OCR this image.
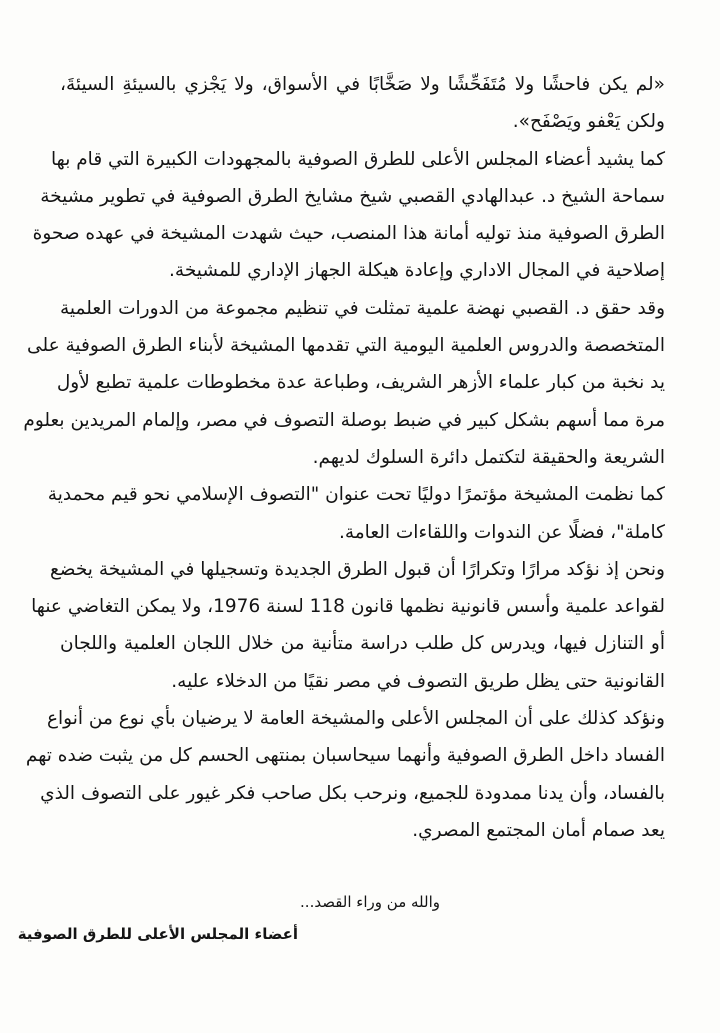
«لم يكن فاحشًا ولا مُتَفَحِّشًا ولا صَخَّابًا في الأسواق، ولا يَجْزي بالسيئةِ السيئةَ،
ولكن يَعْفو ويَصْفَح».
كما يشيد أعضاء المجلس الأعلى للطرق الصوفية بالمجهودات الكبيرة التي قام بها
سماحة الشيخ د. عبدالهادي القصبي شيخ مشايخ الطرق الصوفية في تطوير مشيخة
الطرق الصوفية منذ توليه أمانة هذا المنصب، حيث شهدت المشيخة في عهده صحوة
إصلاحية في المجال الاداري وإعادة هيكلة الجهاز الإداري للمشيخة.
وقد حقق د. القصبي نهضة علمية تمثلت في تنظيم مجموعة من الدورات العلمية
المتخصصة والدروس العلمية اليومية التي تقدمها المشيخة لأبناء الطرق الصوفية على
يد نخبة من كبار علماء الأزهر الشريف، وطباعة عدة مخطوطات علمية تطبع لأول
مرة مما أسهم بشكل كبير في ضبط بوصلة التصوف في مصر، وإلمام المريدين بعلوم
الشريعة والحقيقة لتكتمل دائرة السلوك لديهم.
كما نظمت المشيخة مؤتمرًا دوليًا تحت عنوان "التصوف الإسلامي نحو قيم محمدية
كاملة"، فضلًا عن الندوات واللقاءات العامة.
ونحن إذ نؤكد مرارًا وتكرارًا أن قبول الطرق الجديدة وتسجيلها في المشيخة يخضع
لقواعد علمية وأسس قانونية نظمها قانون 118 لسنة 1976، ولا يمكن التغاضي عنها
أو التنازل فيها، ويدرس كل طلب دراسة متأنية من خلال اللجان العلمية واللجان
القانونية حتى يظل طريق التصوف في مصر نقيًا من الدخلاء عليه.
ونؤكد كذلك على أن المجلس الأعلى والمشيخة العامة لا يرضيان بأي نوع من أنواع
الفساد داخل الطرق الصوفية وأنهما سيحاسبان بمنتهى الحسم كل من يثبت ضده تهم
بالفساد، وأن يدنا ممدودة للجميع، ونرحب بكل صاحب فكر غيور على التصوف الذي
يعد صمام أمان المجتمع المصري.
والله من وراء القصد...
أعضاء المجلس الأعلى للطرق الصوفية
